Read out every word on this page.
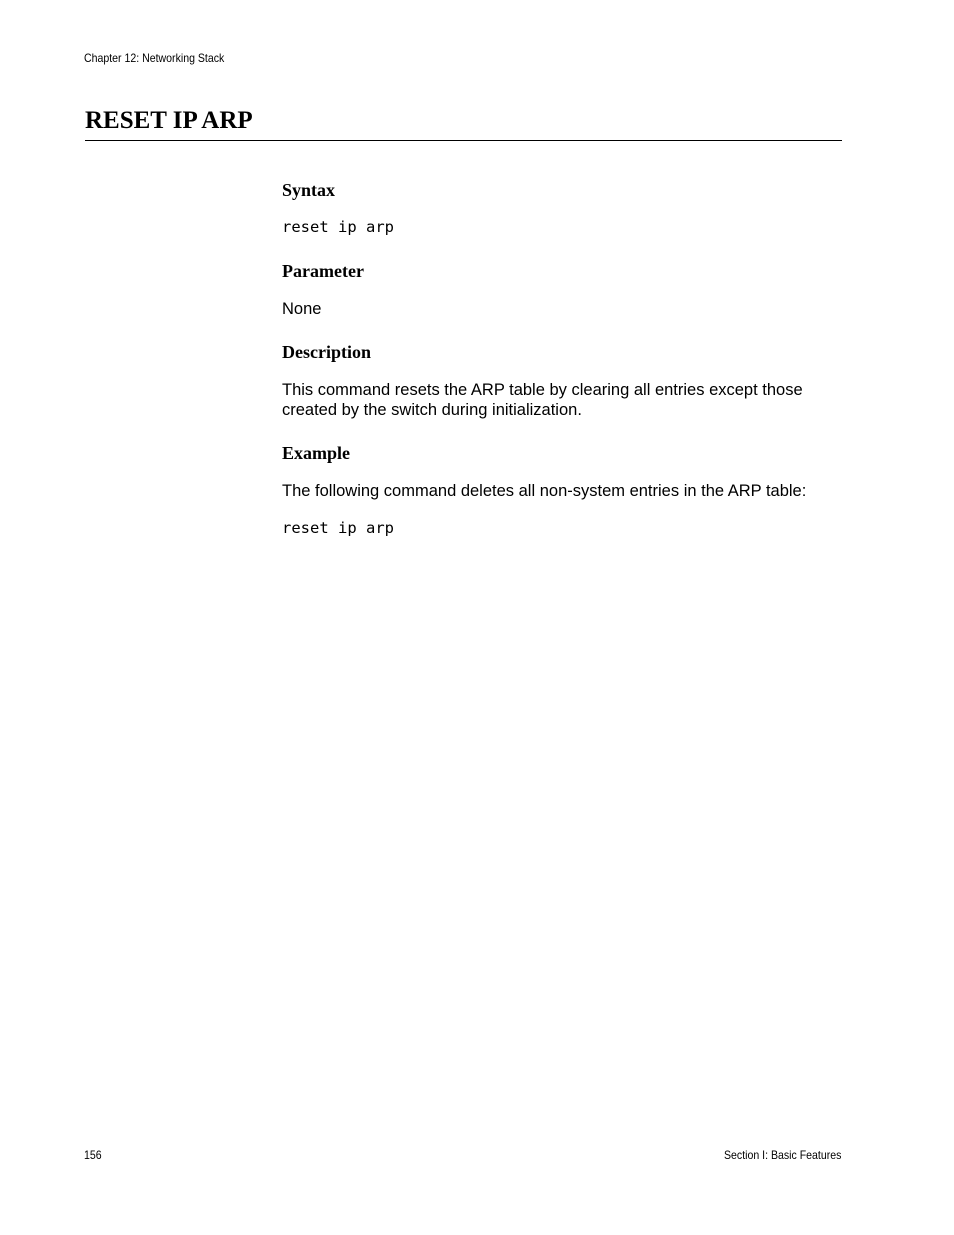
Chapter 12: Networking Stack
RESET IP ARP
Syntax
reset ip arp
Parameter
None
Description
This command resets the ARP table by clearing all entries except those
created by the switch during initialization.
Example
The following command deletes all non-system entries in the ARP table:
reset ip arp
156	Section I: Basic Features
